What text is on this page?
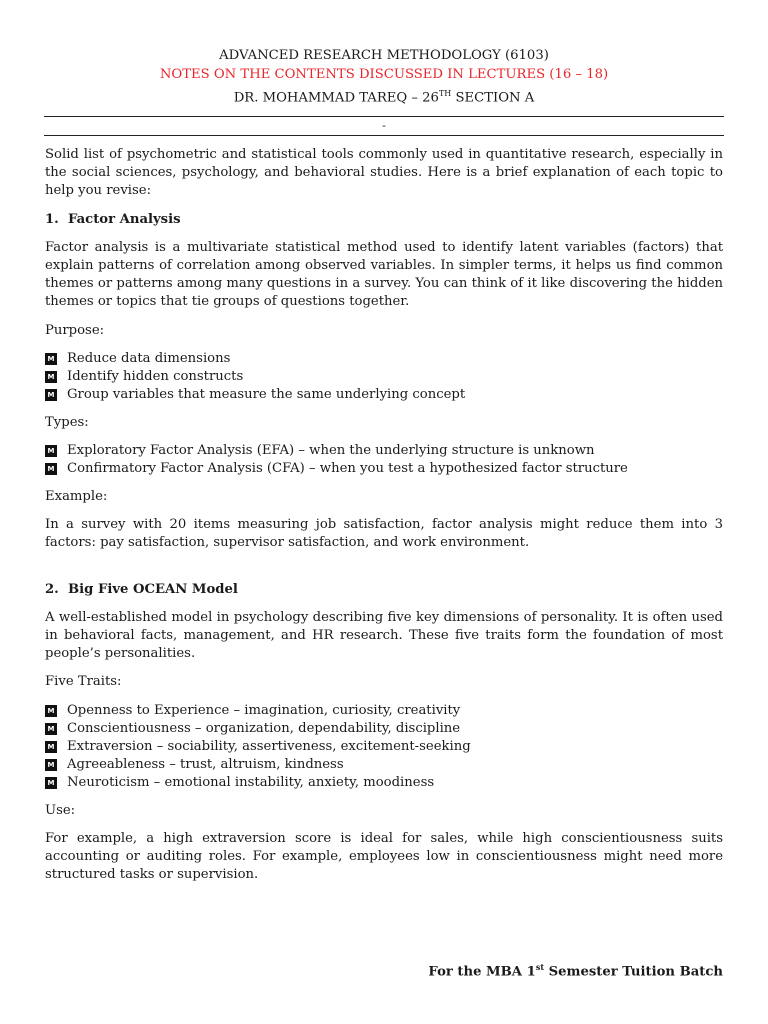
ADVANCED RESEARCH METHODOLOGY (6103)
NOTES ON THE CONTENTS DISCUSSED IN LECTURES (16 – 18)
DR. MOHAMMAD TAREQ – 26TH SECTION A
-

Solid list of psychometric and statistical tools commonly used in quantitative research, especially in the social sciences, psychology, and behavioral studies. Here is a brief explanation of each topic to help you revise:

1. Factor Analysis

Factor analysis is a multivariate statistical method used to identify latent variables (factors) that explain patterns of correlation among observed variables. In simpler terms, it helps us find common themes or patterns among many questions in a survey. You can think of it like discovering the hidden themes or topics that tie groups of questions together.

Purpose:

M Reduce data dimensions
M Identify hidden constructs
M Group variables that measure the same underlying concept

Types:

M Exploratory Factor Analysis (EFA) – when the underlying structure is unknown
M Confirmatory Factor Analysis (CFA) – when you test a hypothesized factor structure

Example:

In a survey with 20 items measuring job satisfaction, factor analysis might reduce them into 3 factors: pay satisfaction, supervisor satisfaction, and work environment.

2. Big Five OCEAN Model

A well-established model in psychology describing five key dimensions of personality. It is often used in behavioral facts, management, and HR research. These five traits form the foundation of most people’s personalities.

Five Traits:

M Openness to Experience – imagination, curiosity, creativity
M Conscientiousness – organization, dependability, discipline
M Extraversion – sociability, assertiveness, excitement-seeking
M Agreeableness – trust, altruism, kindness
M Neuroticism – emotional instability, anxiety, moodiness

Use:

For example, a high extraversion score is ideal for sales, while high conscientiousness suits accounting or auditing roles. For example, employees low in conscientiousness might need more structured tasks or supervision.

For the MBA 1st Semester Tuition Batch
